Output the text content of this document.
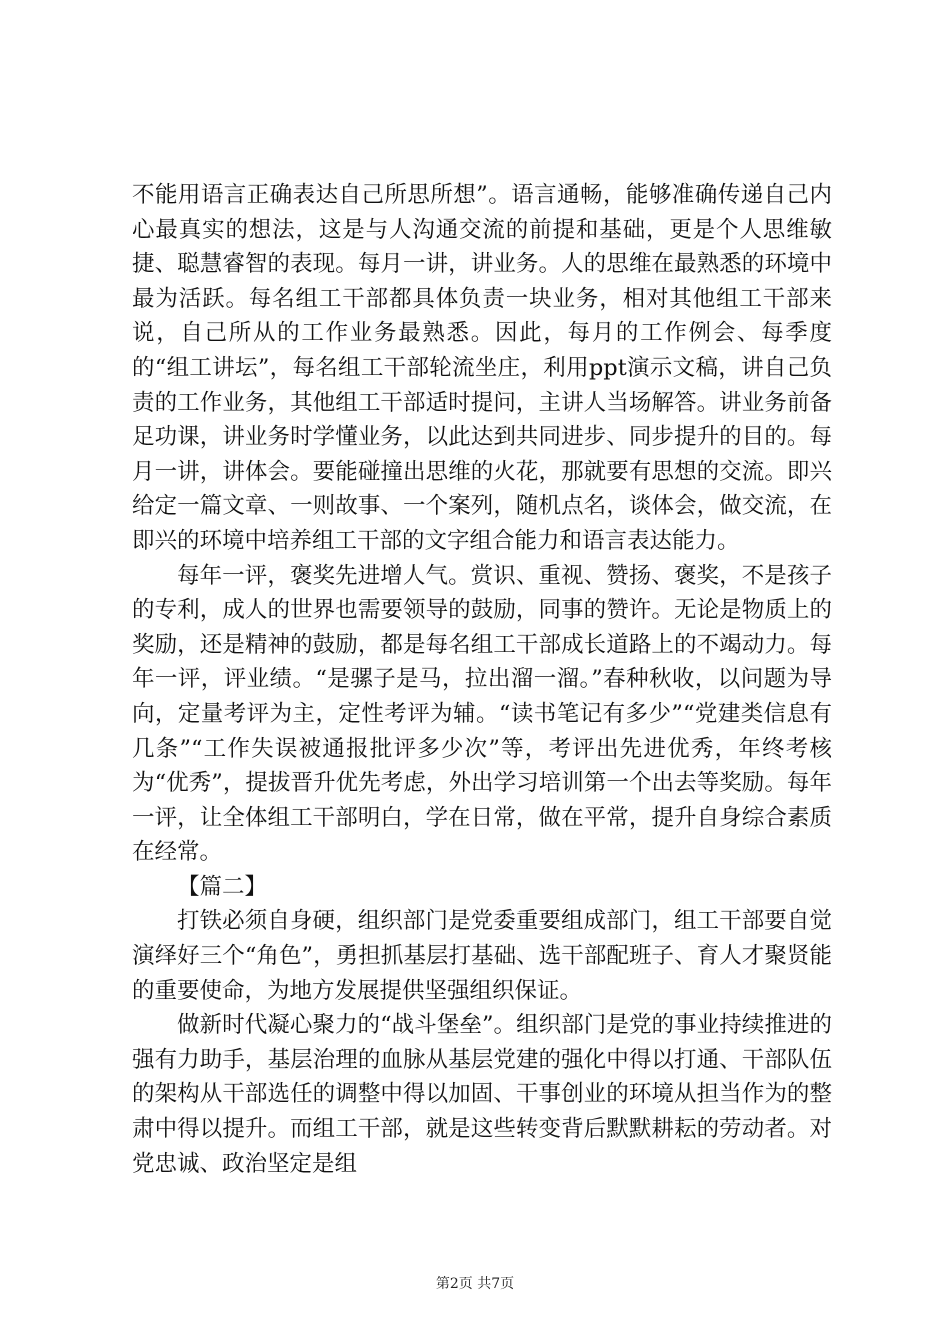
不能用语言正确表达自己所思所想”。语言通畅，能够准确传递自己内心最真实的想法，这是与人沟通交流的前提和基础，更是个人思维敏捷、聪慧睿智的表现。每月一讲，讲业务。人的思维在最熟悉的环境中最为活跃。每名组工干部都具体负责一块业务，相对其他组工干部来说，自己所从的工作业务最熟悉。因此，每月的工作例会、每季度的“组工讲坛”，每名组工干部轮流坐庄，利用ppt演示文稿，讲自己负责的工作业务，其他组工干部适时提问，主讲人当场解答。讲业务前备足功课，讲业务时学懂业务，以此达到共同进步、同步提升的目的。每月一讲，讲体会。要能碰撞出思维的火花，那就要有思想的交流。即兴给定一篇文章、一则故事、一个案列，随机点名，谈体会，做交流，在即兴的环境中培养组工干部的文字组合能力和语言表达能力。

每年一评，褒奖先进增人气。赏识、重视、赞扬、褒奖，不是孩子的专利，成人的世界也需要领导的鼓励，同事的赞许。无论是物质上的奖励，还是精神的鼓励，都是每名组工干部成长道路上的不竭动力。每年一评，评业绩。“是骡子是马，拉出溜一溜。”春种秋收，以问题为导向，定量考评为主，定性考评为辅。“读书笔记有多少”“党建类信息有几条”“工作失误被通报批评多少次”等，考评出先进优秀，年终考核为“优秀”，提拔晋升优先考虑，外出学习培训第一个出去等奖励。每年一评，让全体组工干部明白，学在日常，做在平常，提升自身综合素质在经常。

【篇二】

打铁必须自身硬，组织部门是党委重要组成部门，组工干部要自觉演绎好三个“角色”，勇担抓基层打基础、选干部配班子、育人才聚贤能的重要使命，为地方发展提供坚强组织保证。

做新时代凝心聚力的“战斗堡垒”。组织部门是党的事业持续推进的强有力助手，基层治理的血脉从基层党建的强化中得以打通、干部队伍的架构从干部选任的调整中得以加固、干事创业的环境从担当作为的整肃中得以提升。而组工干部，就是这些转变背后默默耕耘的劳动者。对党忠诚、政治坚定是组

第2页 共7页
